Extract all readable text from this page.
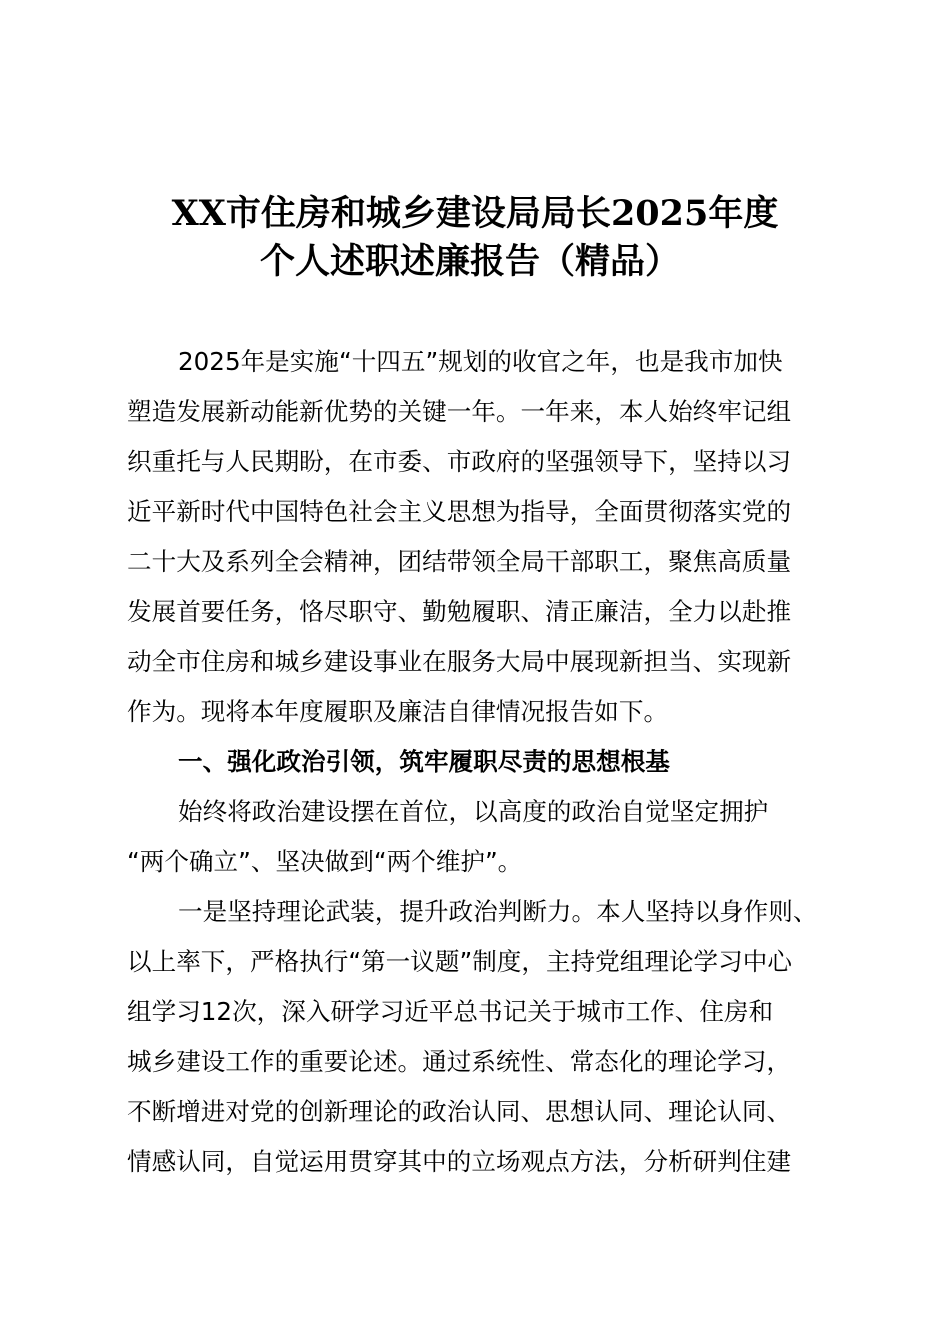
XX市住房和城乡建设局局长2025年度
个人述职述廉报告（精品）
2025年是实施“十四五”规划的收官之年，也是我市加快
塑造发展新动能新优势的关键一年。一年来，本人始终牢记组
织重托与人民期盼，在市委、市政府的坚强领导下，坚持以习
近平新时代中国特色社会主义思想为指导，全面贯彻落实党的
二十大及系列全会精神，团结带领全局干部职工，聚焦高质量
发展首要任务，恪尽职守、勤勉履职、清正廉洁，全力以赴推
动全市住房和城乡建设事业在服务大局中展现新担当、实现新
作为。现将本年度履职及廉洁自律情况报告如下。
一、强化政治引领，筑牢履职尽责的思想根基
始终将政治建设摆在首位，以高度的政治自觉坚定拥护
“两个确立”、坚决做到“两个维护”。
一是坚持理论武装，提升政治判断力。本人坚持以身作则、
以上率下，严格执行“第一议题”制度，主持党组理论学习中心
组学习12次，深入研学习近平总书记关于城市工作、住房和
城乡建设工作的重要论述。通过系统性、常态化的理论学习，
不断增进对党的创新理论的政治认同、思想认同、理论认同、
情感认同，自觉运用贯穿其中的立场观点方法，分析研判住建
